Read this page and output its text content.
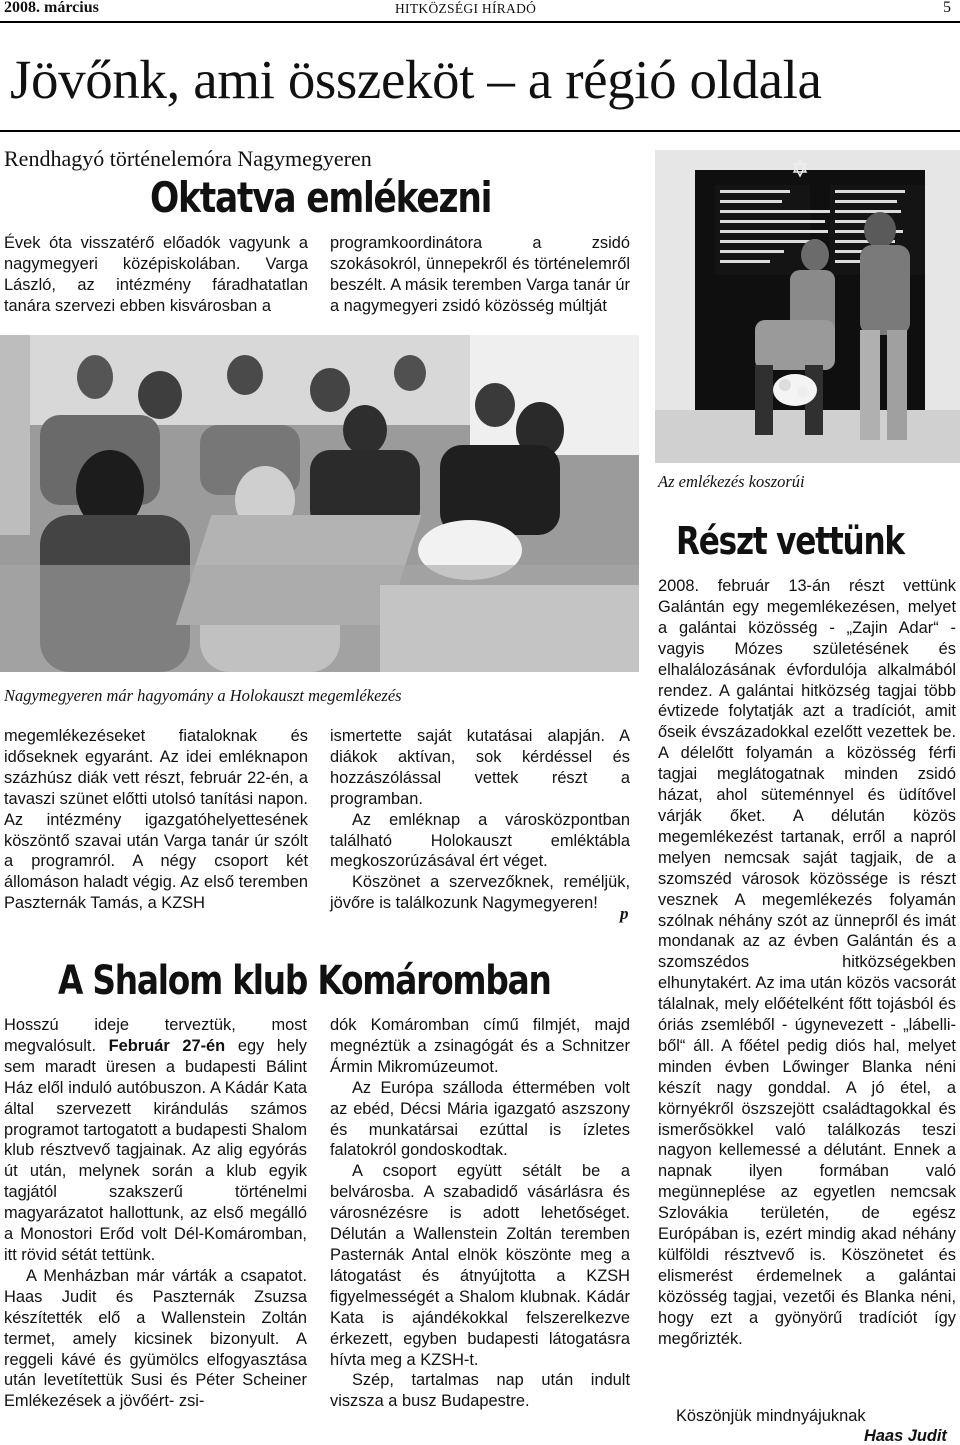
2008. március	HITKÖZSÉGI HÍRADÓ	5
Jövőnk, ami összeköt – a régió oldala
Rendhagyó történelemóra Nagymegyeren
Oktatva emlékezni
Évek óta visszatérő előadók vagyunk a nagymegyeri középiskolában. Varga László, az intézmény fáradhatatlan tanára szervezi ebben kisvárosban a
programkoordinátora a zsidó szokásokról, ünnepekről és történelemről beszélt. A másik teremben Varga tanár úr a nagymegyeri zsidó közösség múltját
Nagymegyeren már hagyomány a Holokauszt megemlékezés
megemlékezéseket fiataloknak és időseknek egyaránt. Az idei emléknapon százhúsz diák vett részt, február 22-én, a tavaszi szünet előtti utolsó tanítási napon. Az intézmény igazgatóhelyettesének köszöntő szavai után Varga tanár úr szólt a programról. A négy csoport két állomáson haladt végig. Az első teremben Paszternák Tamás, a KZSH

ismertette saját kutatásai alapján. A diákok aktívan, sok kérdéssel és hozzászólással vettek részt a programban.

Az emléknap a városközpontban található Holokauszt emléktábla megkoszorúzásával ért véget.

Köszönet a szervezőknek, reméljük, jövőre is találkozunk Nagymegyeren!

p
Az emlékezés koszorúi
Részt vettünk
2008. február 13-án részt vettünk Galántán egy megemlékezésen, melyet a galántai közösség - „Zajin Adar“ - vagyis Mózes születésének és elhalálozásának évfordulója alkalmából rendez. A galántai hitközség tagjai több évtizede folytatják azt a tradíciót, amit őseik évszázadokkal ezelőtt vezettek be. A délelőtt folyamán a közösség férfi tagjai meglátogatnak minden zsidó házat, ahol süteménnyel és üdítővel várják őket. A délután közös megemlékezést tartanak, erről a napról melyen nemcsak saját tagjaik, de a szomszéd városok közössége is részt vesznek A megemlékezés folyamán szólnak néhány szót az ünnepről és imát mondanak az az évben Galántán és a szomszédos hitközségekben elhunytakért. Az ima után közös vacsorát tálalnak, mely előételként főtt tojásból és óriás zsemléből - úgynevezett - „lábelli-ből“ áll. A főétel pedig diós hal, melyet minden évben Lőwinger Blanka néni készít nagy gonddal. A jó étel, a környékről öszszejött családtagokkal és ismerősökkel való találkozás teszi nagyon kellemessé a délutánt. Ennek a napnak ilyen formában való megünneplése az egyetlen nemcsak Szlovákia területén, de egész Európában is, ezért mindig akad néhány külföldi résztvevő is. Köszönetet és elismerést érdemelnek a galántai közösség tagjai, vezetői és Blanka néni, hogy ezt a gyönyörű tradíciót így megőrizték.
Köszönjük mindnyájuknak
Haas Judit
A Shalom klub Komáromban

Hosszú ideje terveztük, most megvalósult. Február 27-én egy hely sem maradt üresen a budapesti Bálint Ház elől induló autóbuszon. A Kádár Kata által szervezett kirándulás számos programot tartogatott a budapesti Shalom klub résztvevő tagjainak. Az alig egyórás út után, melynek során a klub egyik tagjától szakszerű történelmi magyarázatot hallottunk, az első megálló a Monostori Erőd volt Dél-Komáromban, itt rövid sétát tettünk.

A Menházban már várták a csapatot. Haas Judit és Paszternák Zsuzsa készítették elő a Wallenstein Zoltán termet, amely kicsinek bizonyult. A reggeli kávé és gyümölcs elfogyasztása után levetítettük Susi és Péter Scheiner Emlékezések a jövőért- zsi-

dók Komáromban című filmjét, majd megnéztük a zsinagógát és a Schnitzer Ármin Mikromúzeumot.

Az Európa szálloda éttermében volt az ebéd, Décsi Mária igazgató aszszony és munkatársai ezúttal is ízletes falatokról gondoskodtak.

A csoport együtt sétált be a belvárosba. A szabadidő vásárlásra és városnézésre is adott lehetőséget. Délután a Wallenstein Zoltán teremben Pasternák Antal elnök köszönte meg a látogatást és átnyújtotta a KZSH figyelmességét a Shalom klubnak. Kádár Kata is ajándékokkal felszerelkezve érkezett, egyben budapesti látogatásra hívta meg a KZSH-t.

Szép, tartalmas nap után indult viszsza a busz Budapestre.
